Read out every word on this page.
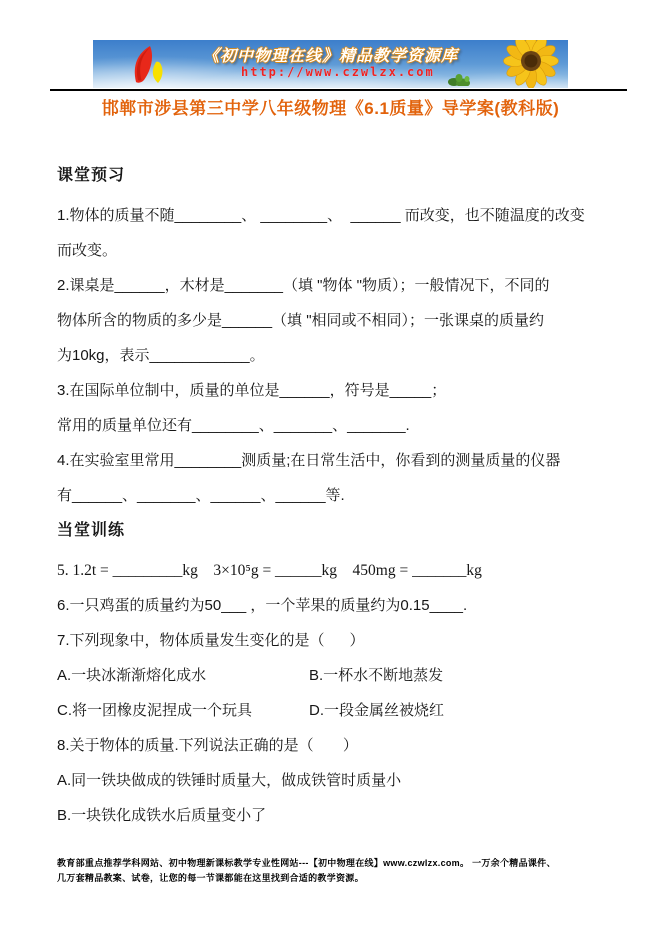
《初中物理在线》精品教学资源库
http://www.czwlzx.com
邯郸市涉县第三中学八年级物理《6.1质量》导学案(教科版)
课堂预习
1.物体的质量不随________、 ________、  ______ 而改变，也不随温度的改变
而改变。
2.课桌是______，木材是_______（填 "物体 "物质）；一般情况下，不同的
物体所含的物质的多少是______（填 "相同或不相同）；一张课桌的质量约
为10kg，表示____________。
3.在国际单位制中，质量的单位是______，符号是_____；
常用的质量单位还有________、_______、_______.
4.在实验室里常用________测质量;在日常生活中，你看到的测量质量的仪器
有______、_______、______、______等.
当堂训练
5. 1.2t = _________kg    3×10⁵g = ______kg    450mg = _______kg
6.一只鸡蛋的质量约为50___ ，一个苹果的质量约为0.15____.
7.下列现象中，物体质量发生变化的是（      ）
A.一块冰渐渐熔化成水	B.一杯水不断地蒸发
C.将一团橡皮泥捏成一个玩具	D.一段金属丝被烧红
8.关于物体的质量.下列说法正确的是（       ）
A.同一铁块做成的铁锤时质量大，做成铁管时质量小
B.一块铁化成铁水后质量变小了
教育部重点推荐学科网站、初中物理新课标教学专业性网站---【初中物理在线】www.czwlzx.com。 一万余个精品课件、
几万套精品教案、试卷，让您的每一节课都能在这里找到合适的教学资源。
